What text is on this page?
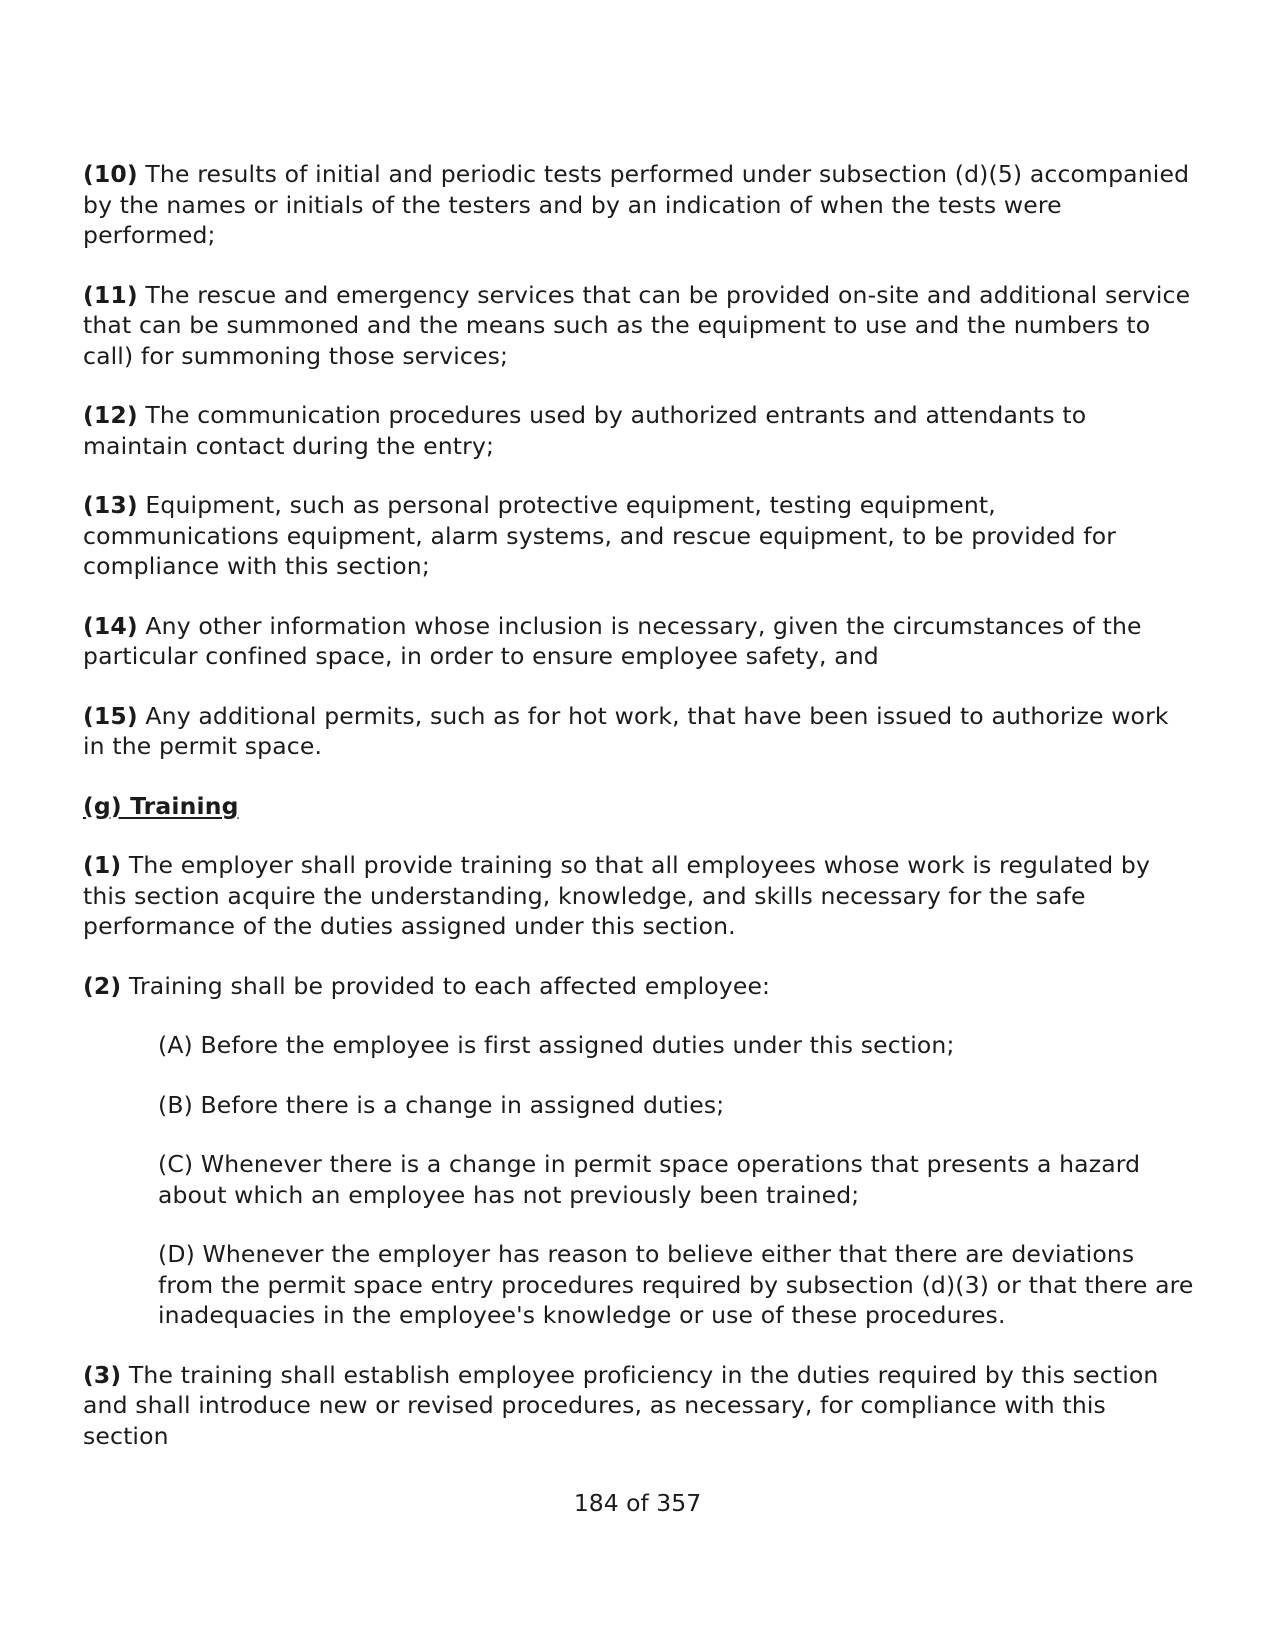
(10) The results of initial and periodic tests performed under subsection (d)(5) accompanied by the names or initials of the testers and by an indication of when the tests were performed;

(11) The rescue and emergency services that can be provided on-site and additional service that can be summoned and the means such as the equipment to use and the numbers to call) for summoning those services;

(12) The communication procedures used by authorized entrants and attendants to maintain contact during the entry;

(13) Equipment, such as personal protective equipment, testing equipment, communications equipment, alarm systems, and rescue equipment, to be provided for compliance with this section;

(14) Any other information whose inclusion is necessary, given the circumstances of the particular confined space, in order to ensure employee safety, and

(15) Any additional permits, such as for hot work, that have been issued to authorize work in the permit space.

(g) Training

(1) The employer shall provide training so that all employees whose work is regulated by this section acquire the understanding, knowledge, and skills necessary for the safe performance of the duties assigned under this section.

(2) Training shall be provided to each affected employee:

(A) Before the employee is first assigned duties under this section;

(B) Before there is a change in assigned duties;

(C) Whenever there is a change in permit space operations that presents a hazard about which an employee has not previously been trained;

(D) Whenever the employer has reason to believe either that there are deviations from the permit space entry procedures required by subsection (d)(3) or that there are inadequacies in the employee's knowledge or use of these procedures.

(3) The training shall establish employee proficiency in the duties required by this section and shall introduce new or revised procedures, as necessary, for compliance with this section

184 of 357
